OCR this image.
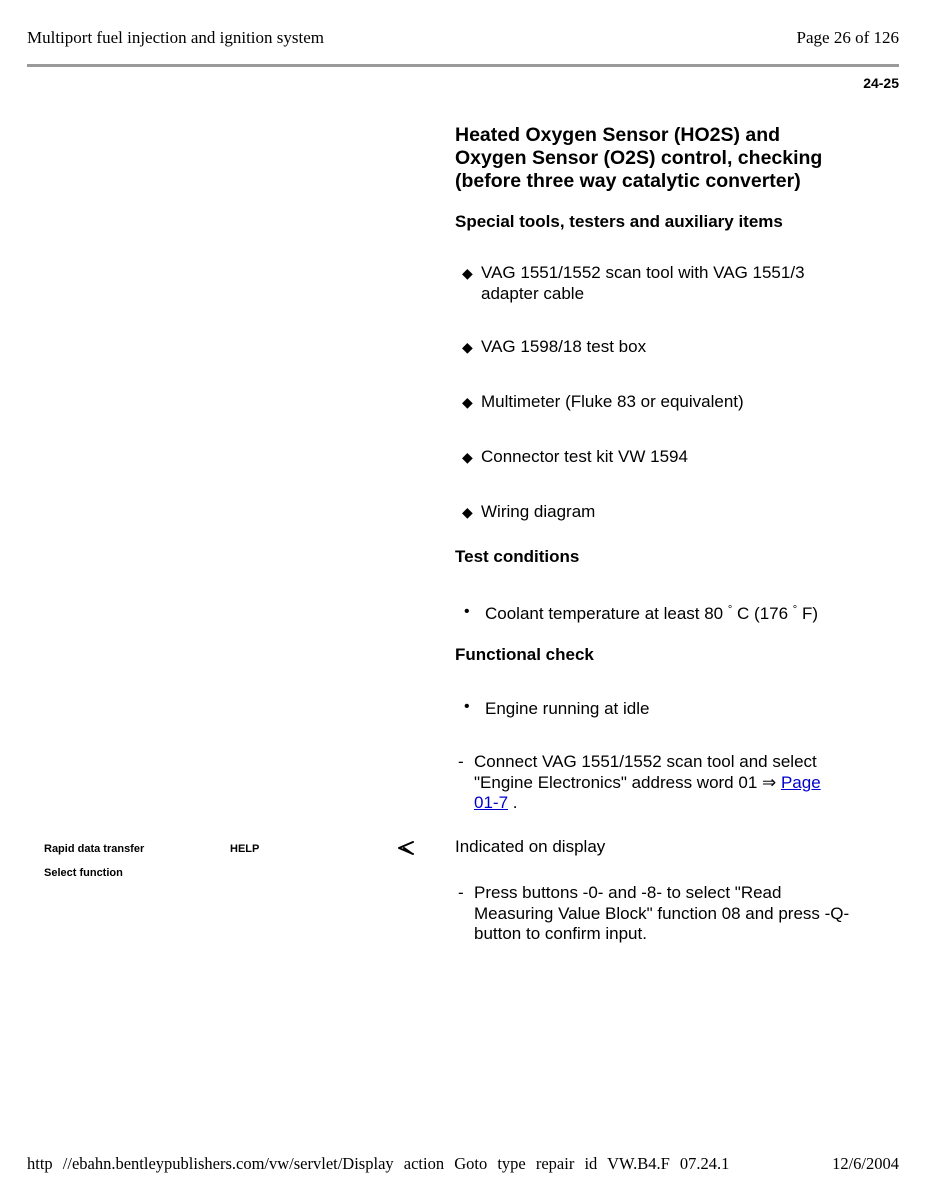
Multiport fuel injection and ignition system	Page 26 of 126
24-25
Heated Oxygen Sensor (HO2S) and
Oxygen Sensor (O2S) control, checking
(before three way catalytic converter)
Special tools, testers and auxiliary items
◆ VAG 1551/1552 scan tool with VAG 1551/3
adapter cable
◆ VAG 1598/18 test box
◆ Multimeter (Fluke 83 or equivalent)
◆ Connector test kit VW 1594
◆ Wiring diagram
Test conditions
• Coolant temperature at least 80 ° C (176 ° F)
Functional check
• Engine running at idle
- Connect VAG 1551/1552 scan tool and select
"Engine Electronics" address word 01 ⇒ Page
01-7 .
Rapid data transfer	HELP
Select function
Indicated on display
- Press buttons -0- and -8- to select "Read
Measuring Value Block" function 08 and press -Q-
button to confirm input.
http //ebahn.bentleypublishers.com/vw/servlet/Display action Goto type repair id VW.B4.F 07.24.1	12/6/2004
